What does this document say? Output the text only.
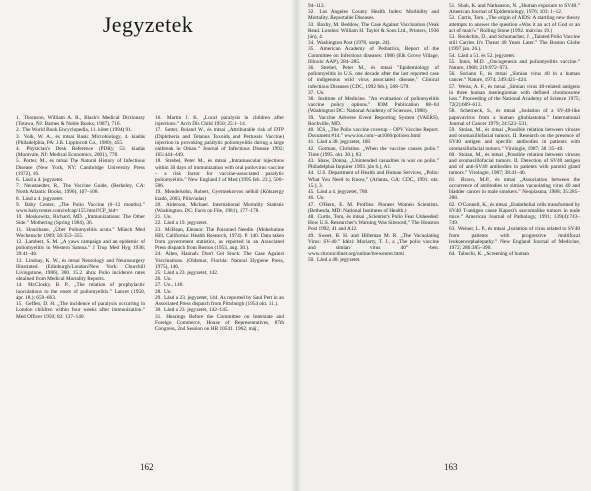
Jegyzetek

1. Thomson, William A. R., Black's Medical Dictionary (Totawa, NJ: Barnes & Noble Books, 1987), 716.

2. The World Book Encyclopedia, 11. kötet (1994) 91.

3. Volk, W. A., és mtsai Basic Microbiology, 4. kiadás (Philadelphia, PA: J.B. Lippincott Co., 1980), 455.

4. Physician's Desk Reference (PDR); 53. kiadás (Montvale, NJ: Medical Economics, 2001), 778.

5. Porter, M., és mtsai The Natural History of Infectious Disease (New York, NY: Cambridge University Press (1972), 16.

6. Lásd a 4. jegyzetet.

7. Neustaedter, R., The Vaccine Guide, (Berkeley, CA: North Atlantic Books, 1996), 107–108.

8. Lásd a 4. jegyzetet.

9. Baby Center, „The Polio Vaccine (0–12 months).” www.babycenter.com/refcap/155.html?CP_bid=

10. Moskowitz, Richard, MD. „Immunizations: The Other Side.” Mothering (Spring 1984), 36.

11. Hourihane, „Über Poliomyelitis acuta.” Münch Med Wochenschr 1909; 56:353–355.

12. Lambert, S. M. „A yaws campaign and an epidemic of poliomyelitis in Western Samoa.” J Trop Med Hyg 1936; 39:41–46.

13. Lindsay, K. W., és mtsai Neurology and Neurosurgery Illustrated. (Edinburgh/London/New York: Churchill Livingstone, 1986), 300. 15.2. ábra: Polio incidence rates obtained from Medical Mortality Reports.

14. McClosky, B. P., „The relation of prophylactic inoculations to the onset of poliomyelitis.” Lancet (1950, ápr. 18.): 659–663.

15. Geffen, D. H. „The incidence of paralysis occurring in London children within four weeks after immunization.” Med Officer 1950; 83: 137–140.

16. Martin J. K. „Local paralysis in children after injections.” Arch Dis Child 1950; 25:1–14.

17. Sutter, Roland W., és mtsai „Attributable risk of DTP (Diphtheria and Tetanus Toxoids and Pertussis Vaccine) injection in provoking paralytic poliomyelitis during a large outbreak in Oman.” Journal of Infectious Disease 1992; 165:444–449.

18. Strebel, Peter M., és mtsai „Intramuscular injections within 30 days of immunization with oral poliovirus vaccine – a risk factor for vaccine-associated paralytic poliomyelitis.” New England J of Med (1995 feb. 23.), 500–506.

19. Mendelsohn, Robert, Gyermekorvos nélkül (Kötszergy kiadó, 2003, Pilisvadas)

20. Alderson, Michael. International Mortality Statistic (Washington, DC: Facts on File, 1981), 177–178.

21. Uo.

22. Lásd a 19. jegyzetet.

23. McBean, Eleanor. The Poisoned Needle. (Mokelumne Hill, California: Health Research, 1974). P. 140. Data taken from government statistics, as reported in an Associated Press dispatch from Boston (1953, aug. 30.).

24. Allen, Hannah. Don't Get Stuck: The Case Against Vaccinations. (Oldsmar, Florida: Natural Hygiene Press, 1975), 146.

25. Lásd a 23. jegyzetet, 142.

26. Uo.

27. Uo., 140.

28. Uo.

29. Lásd a 23. jegyzetet, 144. As reported by Saul Pett in an Associated Press dispatch from Pittsburgh (1954 okt. 11.).

30. Lásd a 23. jegyzetet, 142–145.

31. Hearings Before the Committee on Interstate and Foreign Commerce, House of Representatives, 87th Congress, 2nd Session on HR 10541. 1962, máj.,

162

94–112.

32. Los Angeles County Health Index: Morbidity and Mortality. Reportable Diseases.

33. Baxby, M. Beddow, The Case Against Vaccination (Veak Read. London: William H. Taylor & Sons Ltd., Printers, 1936 jún), 4.

34. Washington Post (1976, szept. 24).

35. American Academy of Pediatrics, Report of the Committee on Infectious diseases: 1986 (Elk Grove Village, Illinois: AAP), 284–285.

36. Strebel, Peter M., és mtsai "Epidemiology of poliomyelitis in U.S. one decade after the last reported case of indigenous wild virus associated disease," Clinical infectious Diseases (CDC, 1992 feb.), 568–579.

37. Uo.

38. Institute of Medicine. "An evaluation of poliomyelitis vaccine policy options." IOM Publication 88–04 (Washington DC: National Academy of Sciences, 1988).

39. Vaccine Adverse Event Reporting System (VAERS), Rockville, MD.

40. ICS, „The Polio vaccine coverup – OPV Vaccine Report. Document #14.” www.ios.com/~at1066/polioex.html

41. Lásd a 38. jegyzetet, 168.

42. Gorman, Christine. „When the vaccine causes polio.” Time (1995. okt. 30.), 83.

43. Shaw, Donna, „Unintended casualties in war on polio.” Philadelphia Inquirer 1993. jún 6.), A1.

44. U.S. Department of Health and Human Services, „Polio: What You Need to Know,” (Atlanta, GA: CDC, 1991. okt. 15.), 3.

45. Lásd a 4. jegyzetet, 780.

46. Uo.

47. O'Hern, E. M. Profiles: Pioneer Women Scientists. (Bethesda, MD: National Institutes of Health.)

48. Curtis, Tom, és mtsai „Scientist's Polio Fear Unheeded: How U.S. Researcher's Warning Was Silenced,” The Houston Post 1992, 41 and A12.

49. Sweet, B. H. and Hilleman M. R. „The Vacuolating Virus: SV-40.” Idézi: Moriarty, T. J., a „The polio vaccine and simian virus 40” -ben. www.chronicillnet.org/online/brewenret.html

50. Lásd a 48. jegyzetet.

51. Shah, K. and Nathanson, N. „Human exposure to SV40.” American Journal of Epidemiology, 1976; 103: 1–12.

52. Curtis, Tom. „The origin of AIDS: A startling new theory attempts to answer the question »Was it an act of God or an act of man?«” Rolling Stone (1992. március 19.)

53. Bookchin, D., and Schumacher, J. „Tainted Polio Vaccine still Carries It's Threat 40 Years Later.” The Boston Globe (1997 jan. 26.).

54. Lásd a 51. és 52. jegyzetet.

55. Innis, M.D. „Oncogenesis and poliomyelitis vaccine.” Nature, 1968; 219:972–973.

56. Soriano F., és mtsai „Simian virus 40 in a human cancer.” Nature, 1974; 249:421–424.

57. Weiss, A. F., és mtsai „Simian virus 40-related antigens in three human meningiomas with defined chromosome loss.” Proceeding of the National Academy of Science 1975; 72(2):609–613.

58. Scherneck, S., és mtsai „Isolation of a SV-40-like papovavirus from a human glioblastoma.” International Journal of Cancer 1979; 24:523–531.

59. Stoian, M., és mtsai „Possible relation between viruses and oromaxillofacial tumors. II. Research on the presence of SV40 antigen and specific antibodies in patients with oromaxillofacial tumors.” Virologie, 1987; 38 :35–40.

60. Stoian, M., és mtsai „Possible relation between viruses and oromaxillofacial tumors. II. Detection of SV40 antigen and of anti-SV40 antibodies in patients with parotid gland tumors.” Virologie, 1987; 38:41–46.

61. Bravo, M.P., és mtsai „Association between the occurrence of antibodies to simian vacuolating virus 40 and bladder cancer in male smokers.” Neoplasma, 1988; 35:285–288.

62. O'Connell, K., és mtsai „Endothelial cells transformed by SV40 T-antigen cause Kaposi's sarcomalike tumors in nude mice.” American Journal of Pathology, 1991; 139(4):743–749.

63. Weiner, L. P., és mtsai „Isolation of virus related to SV40 from patients with progressive multifocal leukoencephalopathy.” New England Journal of Medicine, 1972; 286:385–390.

64. Tabuchi, K. „Screening of human

163
